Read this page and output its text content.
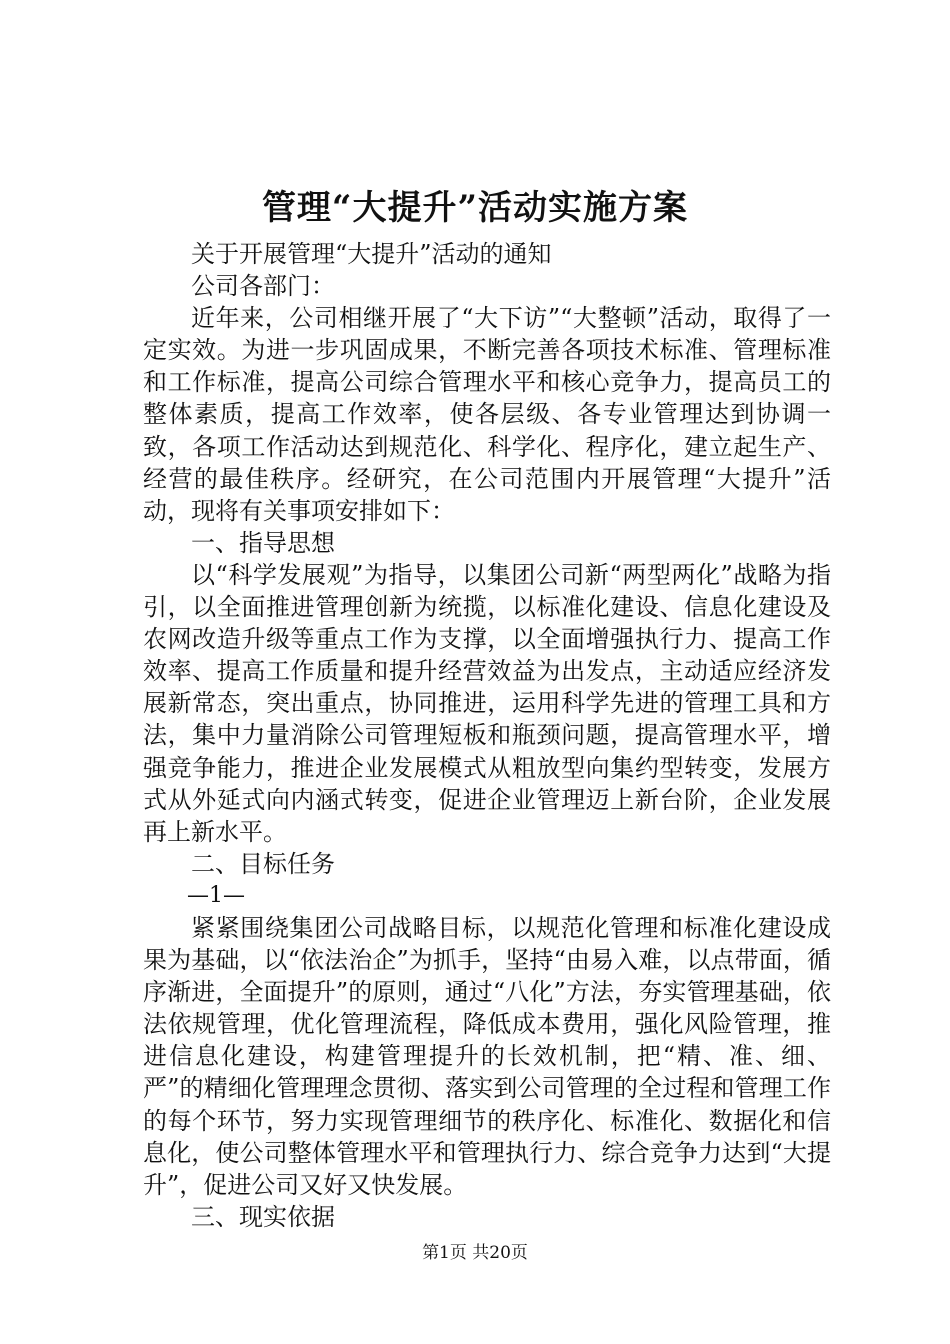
管理“大提升”活动实施方案

关于开展管理“大提升”活动的通知

公司各部门：

近年来，公司相继开展了“大下访”“大整顿”活动，取得了一定实效。为进一步巩固成果，不断完善各项技术标准、管理标准和工作标准，提高公司综合管理水平和核心竞争力，提高员工的整体素质，提高工作效率，使各层级、各专业管理达到协调一致，各项工作活动达到规范化、科学化、程序化，建立起生产、经营的最佳秩序。经研究，在公司范围内开展管理“大提升”活动，现将有关事项安排如下：

一、指导思想

以“科学发展观”为指导，以集团公司新“两型两化”战略为指引，以全面推进管理创新为统揽，以标准化建设、信息化建设及农网改造升级等重点工作为支撑，以全面增强执行力、提高工作效率、提高工作质量和提升经营效益为出发点，主动适应经济发展新常态，突出重点，协同推进，运用科学先进的管理工具和方法，集中力量消除公司管理短板和瓶颈问题，提高管理水平，增强竞争能力，推进企业发展模式从粗放型向集约型转变，发展方式从外延式向内涵式转变，促进企业管理迈上新台阶，企业发展再上新水平。

二、目标任务

—1—

紧紧围绕集团公司战略目标，以规范化管理和标准化建设成果为基础，以“依法治企”为抓手，坚持“由易入难，以点带面，循序渐进，全面提升”的原则，通过“八化”方法，夯实管理基础，依法依规管理，优化管理流程，降低成本费用，强化风险管理，推进信息化建设，构建管理提升的长效机制，把“精、准、细、严”的精细化管理理念贯彻、落实到公司管理的全过程和管理工作的每个环节，努力实现管理细节的秩序化、标准化、数据化和信息化，使公司整体管理水平和管理执行力、综合竞争力达到“大提升”，促进公司又好又快发展。

三、现实依据

第1页 共20页
